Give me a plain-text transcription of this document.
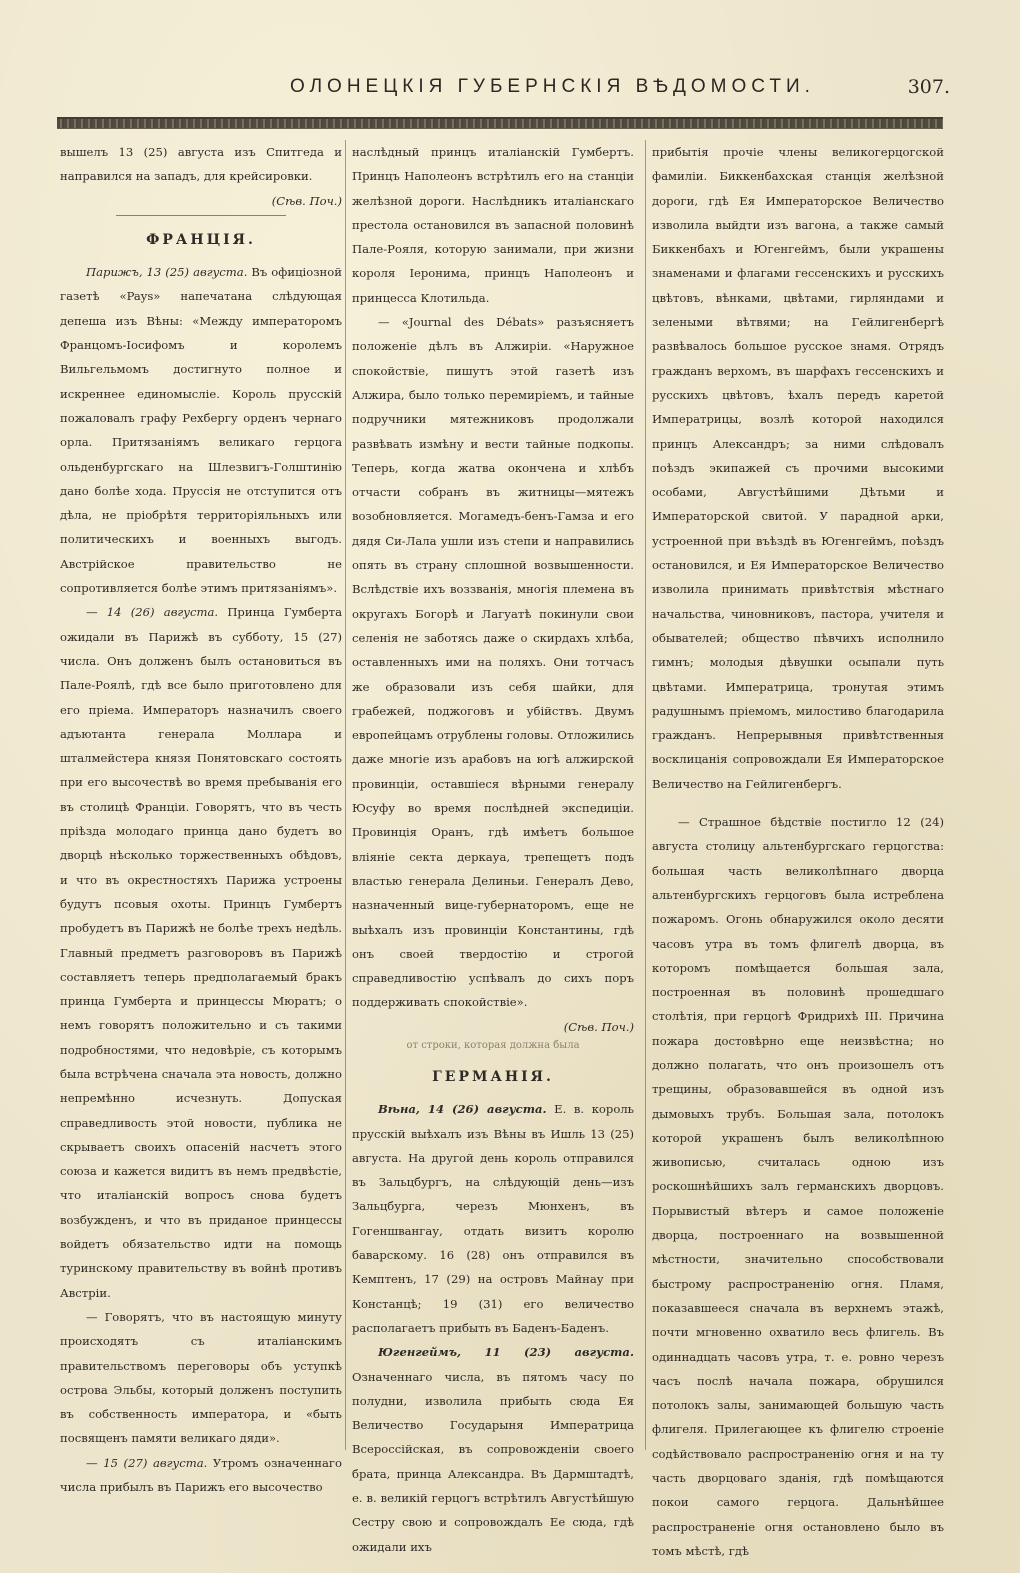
ОЛОНЕЦКІЯ ГУБЕРНСКІЯ ВѢДОМОСТИ.	307.

вышелъ 13 (25) августа изъ Спитгеда и направился на западъ, для крейсировки.

(Сѣв. Поч.)

ФРАНЦІЯ.

Парижъ, 13 (25) августа. Въ офиціозной газетѣ «Pays» напечатана слѣдующая депеша изъ Вѣны: «Между императоромъ Францомъ-Іосифомъ и королемъ Вильгельмомъ достигнуто полное и искреннее единомысліе. Король прусскій пожаловалъ графу Рехбергу орденъ чернаго орла. Притязаніямъ великаго герцога ольденбургскаго на Шлезвигъ-Голштинію дано болѣе хода. Пруссія не отступится отъ дѣла, не пріобрѣтя территоріяльныхъ или политическихъ и военныхъ выгодъ. Австрійское правительство не сопротивляется болѣе этимъ притязаніямъ».

— 14 (26) августа. Принца Гумберта ожидали въ Парижѣ въ субботу, 15 (27) числа. Онъ долженъ былъ остановиться въ Пале-Роялѣ, гдѣ все было приготовлено для его пріема. Императоръ назначилъ своего адъютанта генерала Моллара и шталмейстера князя Понятовскаго состоять при его высочествѣ во время пребыванія его въ столицѣ Франціи. Говорятъ, что въ честь пріѣзда молодаго принца дано будетъ во дворцѣ нѣсколько торжественныхъ обѣдовъ, и что въ окрестностяхъ Парижа устроены будутъ псовыя охоты. Принцъ Гумбертъ пробудетъ въ Парижѣ не болѣе трехъ недѣль. Главный предметъ разговоровъ въ Парижѣ составляетъ теперь предполагаемый бракъ принца Гумберта и принцессы Мюратъ; о немъ говорятъ положительно и съ такими подробностями, что недовѣріе, съ которымъ была встрѣчена сначала эта новость, должно непремѣнно исчезнуть. Допуская справедливость этой новости, публика не скрываетъ своихъ опасеній насчетъ этого союза и кажется видитъ въ немъ предвѣстіе, что италіанскій вопросъ снова будетъ возбужденъ, и что въ приданое принцессы войдетъ обязательство идти на помощь туринскому правительству въ войнѣ противъ Австріи.

— Говорятъ, что въ настоящую минуту происходятъ съ италіанскимъ правительствомъ переговоры объ уступкѣ острова Эльбы, который долженъ поступить въ собственность императора, и «быть посвященъ памяти великаго дяди».

— 15 (27) августа. Утромъ означеннаго числа прибылъ въ Парижъ его высочество

наслѣдный принцъ италіанскій Гумбертъ. Принцъ Наполеонъ встрѣтилъ его на станціи желѣзной дороги. Наслѣдникъ италіанскаго престола остановился въ запасной половинѣ Пале-Рояля, которую занимали, при жизни короля Іеронима, принцъ Наполеонъ и принцесса Клотильда.

— «Journal des Débats» разъясняетъ положеніе дѣлъ въ Алжиріи. «Наружное спокойствіе, пишутъ этой газетѣ изъ Алжира, было только перемиріемъ, и тайные подручники мятежниковъ продолжали развѣвать измѣну и вести тайные подкопы. Теперь, когда жатва окончена и хлѣбъ отчасти собранъ въ житницы—мятежъ возобновляется. Могамедъ-бенъ-Гамза и его дядя Си-Лала ушли изъ степи и направились опять въ страну сплошной возвышенности. Вслѣдствіе ихъ воззванія, многія племена въ округахъ Богорѣ и Лагуатѣ покинули свои селенія не заботясь даже о скирдахъ хлѣба, оставленныхъ ими на поляхъ. Они тотчасъ же образовали изъ себя шайки, для грабежей, поджоговъ и убійствъ. Двумъ европейцамъ отрублены головы. Отложились даже многіе изъ арабовъ на югѣ алжирской провинціи, оставшіеся вѣрными генералу Юсуфу во время послѣдней экспедиціи. Провинція Оранъ, гдѣ имѣетъ большое вліяніе секта деркауа, трепещетъ подъ властью генерала Делиньи. Генералъ Дево, назначенный вице-губернаторомъ, еще не выѣхалъ изъ провинціи Константины, гдѣ онъ своей твердостію и строгой справедливостію успѣвалъ до сихъ поръ поддерживать спокойствіе».

(Сѣв. Поч.)

от строки, которая должна была

ГЕРМАНІЯ.

Вѣна, 14 (26) августа. Е. в. король прусскій выѣхалъ изъ Вѣны въ Ишль 13 (25) августа. На другой день король отправился въ Зальцбургъ, на слѣдующій день—изъ Зальцбурга, черезъ Мюнхенъ, въ Гогеншвангау, отдать визитъ королю баварскому. 16 (28) онъ отправился въ Кемптенъ, 17 (29) на островъ Майнау при Констанцѣ; 19 (31) его величество располагаетъ прибыть въ Баденъ-Баденъ.

Югенгеймъ, 11 (23) августа. Означеннаго числа, въ пятомъ часу по полудни, изволила прибыть сюда Ея Величество Государыня Императрица Всероссійская, въ сопровожденіи своего брата, принца Александра. Въ Дармштадтѣ, е. в. великій герцогъ встрѣтилъ Августѣйшую Сестру свою и сопровождалъ Ее сюда, гдѣ ожидали ихъ

прибытія прочіе члены великогерцогской фамиліи. Биккенбахская станція желѣзной дороги, гдѣ Ея Императорское Величество изволила выйдти изъ вагона, а также самый Биккенбахъ и Югенгеймъ, были украшены знаменами и флагами гессенскихъ и русскихъ цвѣтовъ, вѣнками, цвѣтами, гирляндами и зелеными вѣтвями; на Гейлигенбергѣ развѣвалось большое русское знамя. Отрядъ гражданъ верхомъ, въ шарфахъ гессенскихъ и русскихъ цвѣтовъ, ѣхалъ передъ каретой Императрицы, возлѣ которой находился принцъ Александръ; за ними слѣдовалъ поѣздъ экипажей съ прочими высокими особами, Августѣйшими Дѣтьми и Императорской свитой. У парадной арки, устроенной при въѣздѣ въ Югенгеймъ, поѣздъ остановился, и Ея Императорское Величество изволила принимать привѣтствія мѣстнаго начальства, чиновниковъ, пастора, учителя и обывателей; общество пѣвчихъ исполнило гимнъ; молодыя дѣвушки осыпали путь цвѣтами. Императрица, тронутая этимъ радушнымъ пріемомъ, милостиво благодарила гражданъ. Непрерывныя привѣтственныя восклицанія сопровождали Ея Императорское Величество на Гейлигенбергъ.

— Страшное бѣдствіе постигло 12 (24) августа столицу альтенбургскаго герцогства: большая часть великолѣпнаго дворца альтенбургскихъ герцоговъ была истреблена пожаромъ. Огонь обнаружился около десяти часовъ утра въ томъ флигелѣ дворца, въ которомъ помѣщается большая зала, построенная въ половинѣ прошедшаго столѣтія, при герцогѣ Фридрихѣ III. Причина пожара достовѣрно еще неизвѣстна; но должно полагать, что онъ произошелъ отъ трещины, образовавшейся въ одной изъ дымовыхъ трубъ. Большая зала, потолокъ которой украшенъ былъ великолѣпною живописью, считалась одною изъ роскошнѣйшихъ залъ германскихъ дворцовъ. Порывистый вѣтеръ и самое положеніе дворца, построеннаго на возвышенной мѣстности, значительно способствовали быстрому распространенію огня. Пламя, показавшееся сначала въ верхнемъ этажѣ, почти мгновенно охватило весь флигель. Въ одиннадцать часовъ утра, т. е. ровно черезъ часъ послѣ начала пожара, обрушился потолокъ залы, занимающей большую часть флигеля. Прилегающее къ флигелю строеніе содѣйствовало распространенію огня и на ту часть дворцоваго зданія, гдѣ помѣщаются покои самого герцога. Дальнѣйшее распространеніе огня остановлено было въ томъ мѣстѣ, гдѣ
